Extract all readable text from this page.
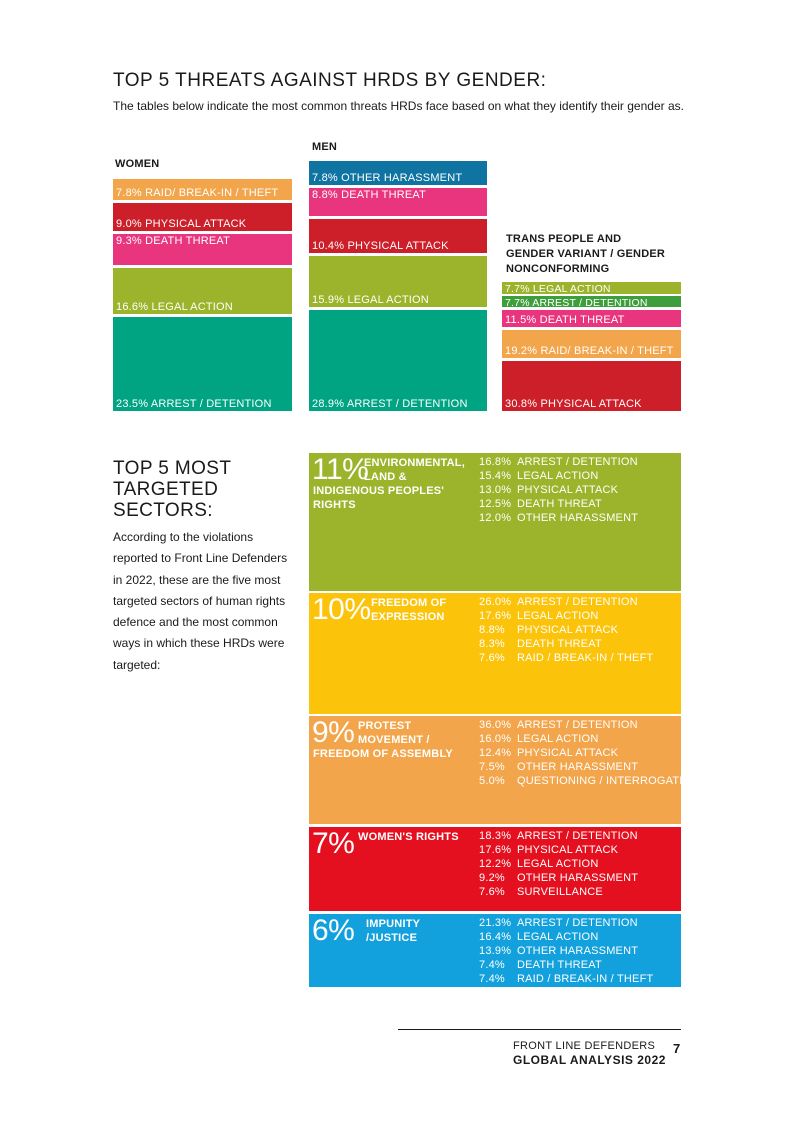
TOP 5 THREATS AGAINST HRDS BY GENDER:
The tables below indicate the most common threats HRDs face based on what they identify their gender as.
WOMEN
7.8% RAID/ BREAK-IN / THEFT
9.0% PHYSICAL ATTACK
9.3% DEATH THREAT
16.6% LEGAL ACTION
23.5% ARREST / DETENTION
MEN
7.8% OTHER HARASSMENT
8.8% DEATH THREAT
10.4% PHYSICAL ATTACK
15.9% LEGAL ACTION
28.9% ARREST / DETENTION
TRANS PEOPLE AND
GENDER VARIANT / GENDER
NONCONFORMING
7.7% LEGAL ACTION
7.7% ARREST / DETENTION
11.5% DEATH THREAT
19.2% RAID/ BREAK-IN / THEFT
30.8% PHYSICAL ATTACK
TOP 5 MOST
TARGETED
SECTORS:
According to the violations reported to Front Line Defenders in 2022, these are the five most targeted sectors of human rights defence and the most common ways in which these HRDs were targeted:
11%
ENVIRONMENTAL,
LAND &
INDIGENOUS PEOPLES'
RIGHTS
16.8% ARREST / DETENTION
15.4% LEGAL ACTION
13.0% PHYSICAL ATTACK
12.5% DEATH THREAT
12.0% OTHER HARASSMENT
10% FREEDOM OF
EXPRESSION
26.0% ARREST / DETENTION
17.6% LEGAL ACTION
8.8% PHYSICAL ATTACK
8.3% DEATH THREAT
7.6% RAID / BREAK-IN / THEFT
9% PROTEST
MOVEMENT /
FREEDOM OF ASSEMBLY
36.0% ARREST / DETENTION
16.0% LEGAL ACTION
12.4% PHYSICAL ATTACK
7.5% OTHER HARASSMENT
5.0% QUESTIONING / INTERROGATION
7% WOMEN'S RIGHTS 18.3% ARREST / DETENTION
17.6% PHYSICAL ATTACK
12.2% LEGAL ACTION
9.2% OTHER HARASSMENT
7.6% SURVEILLANCE
6% IMPUNITY
/JUSTICE
21.3% ARREST / DETENTION
16.4% LEGAL ACTION
13.9% OTHER HARASSMENT
7.4% DEATH THREAT
7.4% RAID / BREAK-IN / THEFT
FRONT LINE DEFENDERS
GLOBAL ANALYSIS 2022
7
